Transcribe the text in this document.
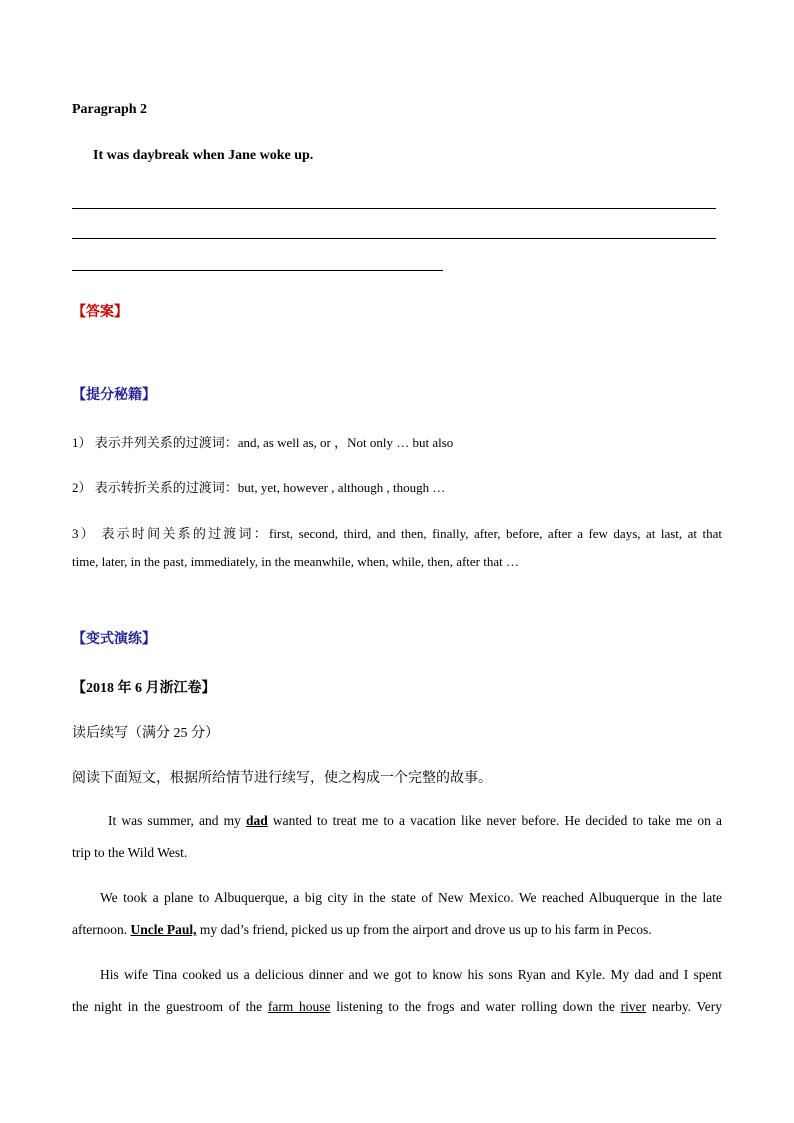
Paragraph 2
It was daybreak when Jane woke up.
【答案】
【提分秘籍】
1） 表示并列关系的过渡词：and, as well as, or ，Not only … but also
2） 表示转折关系的过渡词：but, yet, however , although , though …
3） 表示时间关系的过渡词：first, second, third, and then, finally, after, before, after a few days, at last, at that
time, later, in the past, immediately, in the meanwhile, when, while, then, after that …
【变式演练】
【2018 年 6 月浙江卷】
读后续写（满分 25 分）
阅读下面短文，根据所给情节进行续写，使之构成一个完整的故事。
It was summer, and my dad wanted to treat me to a vacation like never before. He decided to take me on a
trip to the Wild West.
We took a plane to Albuquerque, a big city in the state of New Mexico. We reached Albuquerque in the late
afternoon. Uncle Paul, my dad’s friend, picked us up from the airport and drove us up to his farm in Pecos.
His wife Tina cooked us a delicious dinner and we got to know his sons Ryan and Kyle. My dad and I spent
the night in the guestroom of the farm house listening to the frogs and water rolling down the river nearby. Very
